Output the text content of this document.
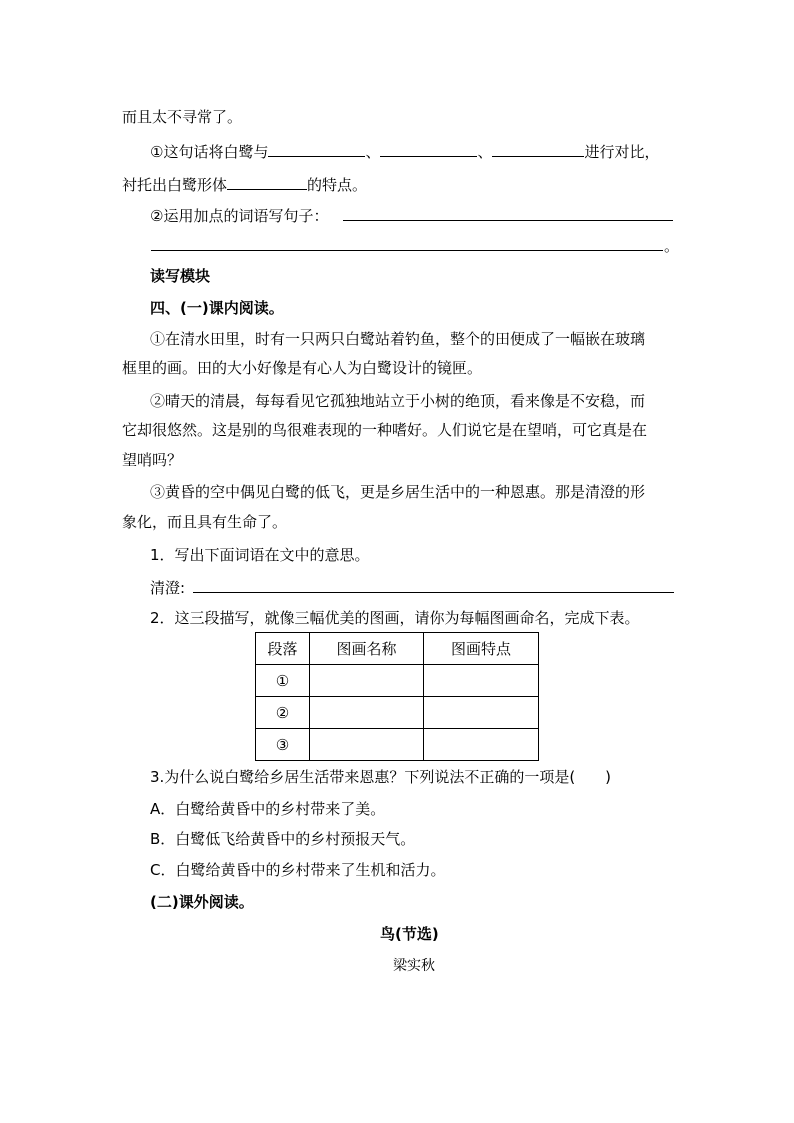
而且太不寻常了。
①这句话将白鹭与	、	、	进行对比，
衬托出白鹭形体	的特点。
②运用加点的词语写句子：
。
读写模块
四、(一)课内阅读。
①在清水田里，时有一只两只白鹭站着钓鱼，整个的田便成了一幅嵌在玻璃
框里的画。田的大小好像是有心人为白鹭设计的镜匣。
②晴天的清晨，每每看见它孤独地站立于小树的绝顶，看来像是不安稳，而
它却很悠然。这是别的鸟很难表现的一种嗜好。人们说它是在望哨，可它真是在
望哨吗？
③黄昏的空中偶见白鹭的低飞，更是乡居生活中的一种恩惠。那是清澄的形
象化，而且具有生命了。
1．写出下面词语在文中的意思。
清澄:
2．这三段描写，就像三幅优美的图画，请你为每幅图画命名，完成下表。
段落	图画名称	图画特点
①		
②		
③		
3.为什么说白鹭给乡居生活带来恩惠？下列说法不正确的一项是(　　)
A．白鹭给黄昏中的乡村带来了美。
B．白鹭低飞给黄昏中的乡村预报天气。
C．白鹭给黄昏中的乡村带来了生机和活力。
(二)课外阅读。
鸟(节选)
梁实秋
